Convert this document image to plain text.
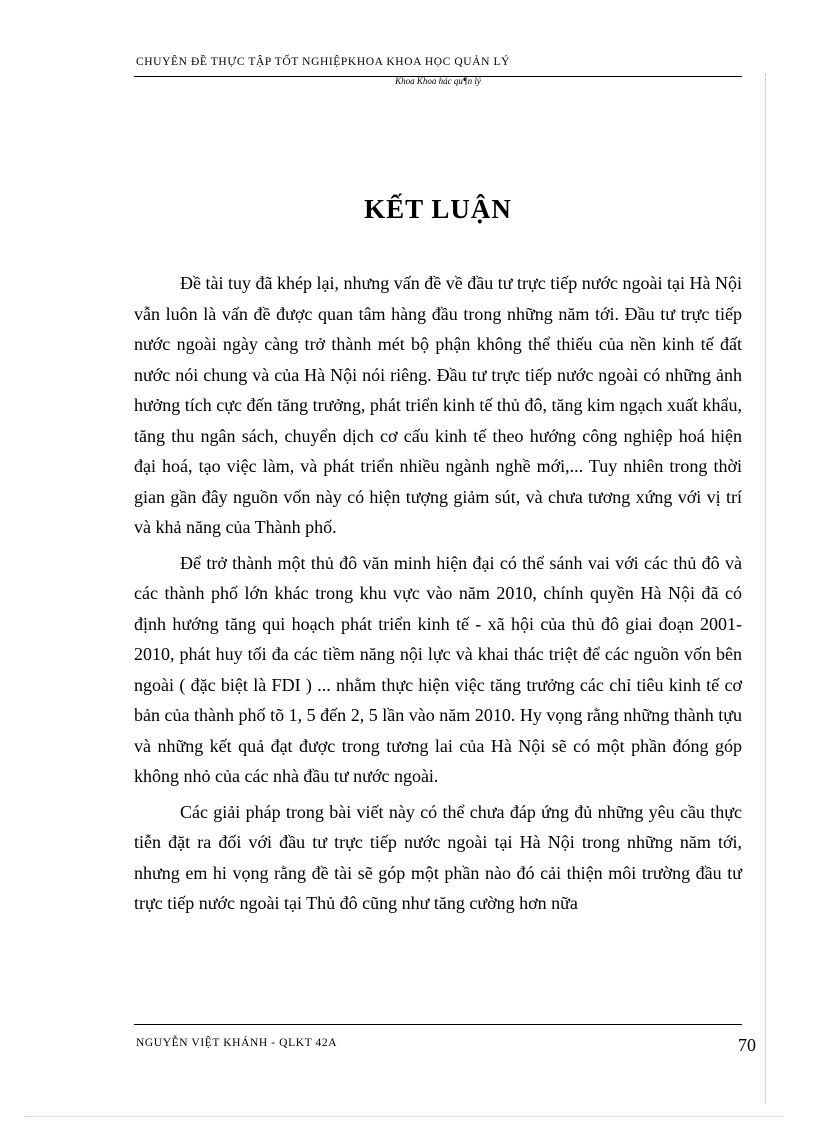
CHUYÊN ĐỀ THỰC TẬP TỐT NGHIỆPKHOA KHOA HỌC QUẢN LÝ
Khoa Khoa hác qu¶n lý
KẾT LUẬN

Đề tài tuy đã khép lại, nhưng vấn đề về đầu tư trực tiếp nước ngoài tại Hà Nội vẫn luôn là vấn đề được quan tâm hàng đầu trong những năm tới. Đầu tư trực tiếp nước ngoài ngày càng trở thành mét bộ phận không thể thiếu của nền kinh tế đất nước nói chung và của Hà Nội nói riêng. Đầu tư trực tiếp nước ngoài có những ảnh hưởng tích cực đến tăng trưởng, phát triển kinh tế thủ đô, tăng kim ngạch xuất khẩu, tăng thu ngân sách, chuyển dịch cơ cấu kinh tế theo hướng công nghiệp hoá hiện đại hoá, tạo việc làm, và phát triển nhiều ngành nghề mới,... Tuy nhiên trong thời gian gần đây nguồn vốn này có hiện tượng giảm sút, và chưa tương xứng với vị trí và khả năng của Thành phố.

Để trở thành một thủ đô văn minh hiện đại có thể sánh vai với các thủ đô và các thành phố lớn khác trong khu vực vào năm 2010, chính quyền Hà Nội đã có định hướng tăng qui hoạch phát triển kinh tế - xã hội của thủ đô giai đoạn 2001-2010, phát huy tối đa các tiềm năng nội lực và khai thác triệt để các nguồn vốn bên ngoài ( đặc biệt là FDI ) ... nhằm thực hiện việc tăng trưởng các chỉ tiêu kinh tế cơ bản của thành phố tõ 1, 5 đến 2, 5 lần vào năm 2010. Hy vọng rằng những thành tựu và những kết quả đạt được trong tương lai của Hà Nội sẽ có một phần đóng góp không nhỏ của các nhà đầu tư nước ngoài.

Các giải pháp trong bài viết này có thể chưa đáp ứng đủ những yêu cầu thực tiễn đặt ra đối với đầu tư trực tiếp nước ngoài tại Hà Nội trong những năm tới, nhưng em hi vọng rằng đề tài sẽ góp một phần nào đó cải thiện môi trường đầu tư trực tiếp nước ngoài tại Thủ đô cũng như tăng cường hơn nữa

NGUYỄN VIỆT KHÁNH - QLKT 42A	70
